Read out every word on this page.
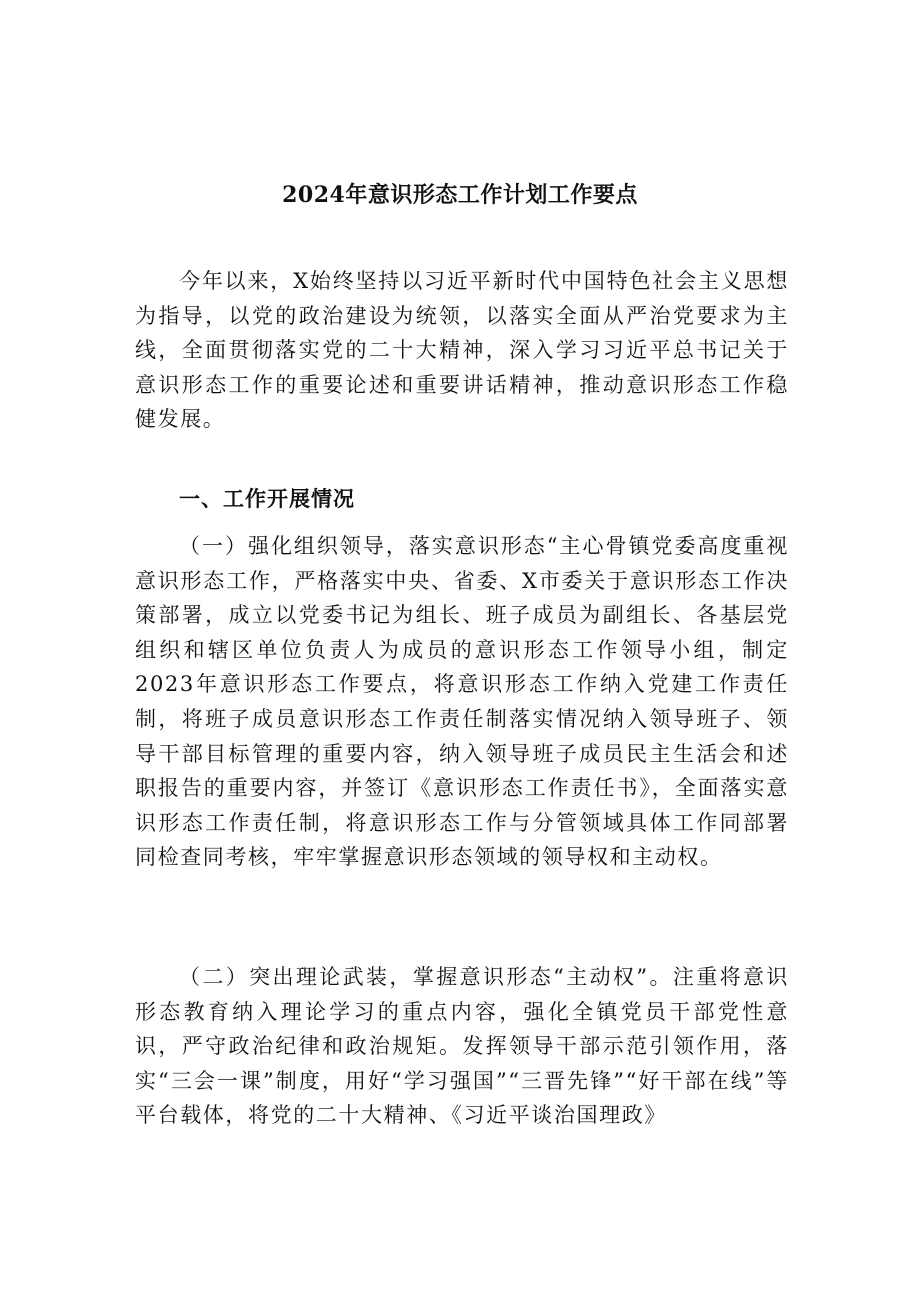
2024年意识形态工作计划工作要点
今年以来，X始终坚持以习近平新时代中国特色社会主义思想为指导，以党的政治建设为统领，以落实全面从严治党要求为主线，全面贯彻落实党的二十大精神，深入学习习近平总书记关于意识形态工作的重要论述和重要讲话精神，推动意识形态工作稳健发展。
一、工作开展情况
（一）强化组织领导，落实意识形态“主心骨镇党委高度重视意识形态工作，严格落实中央、省委、X市委关于意识形态工作决策部署，成立以党委书记为组长、班子成员为副组长、各基层党组织和辖区单位负责人为成员的意识形态工作领导小组，制定2023年意识形态工作要点，将意识形态工作纳入党建工作责任制，将班子成员意识形态工作责任制落实情况纳入领导班子、领导干部目标管理的重要内容，纳入领导班子成员民主生活会和述职报告的重要内容，并签订《意识形态工作责任书》，全面落实意识形态工作责任制，将意识形态工作与分管领域具体工作同部署同检查同考核，牢牢掌握意识形态领域的领导权和主动权。
（二）突出理论武装，掌握意识形态“主动权”。注重将意识形态教育纳入理论学习的重点内容，强化全镇党员干部党性意识，严守政治纪律和政治规矩。发挥领导干部示范引领作用，落实“三会一课”制度，用好“学习强国”“三晋先锋”“好干部在线”等平台载体，将党的二十大精神、《习近平谈治国理政》
